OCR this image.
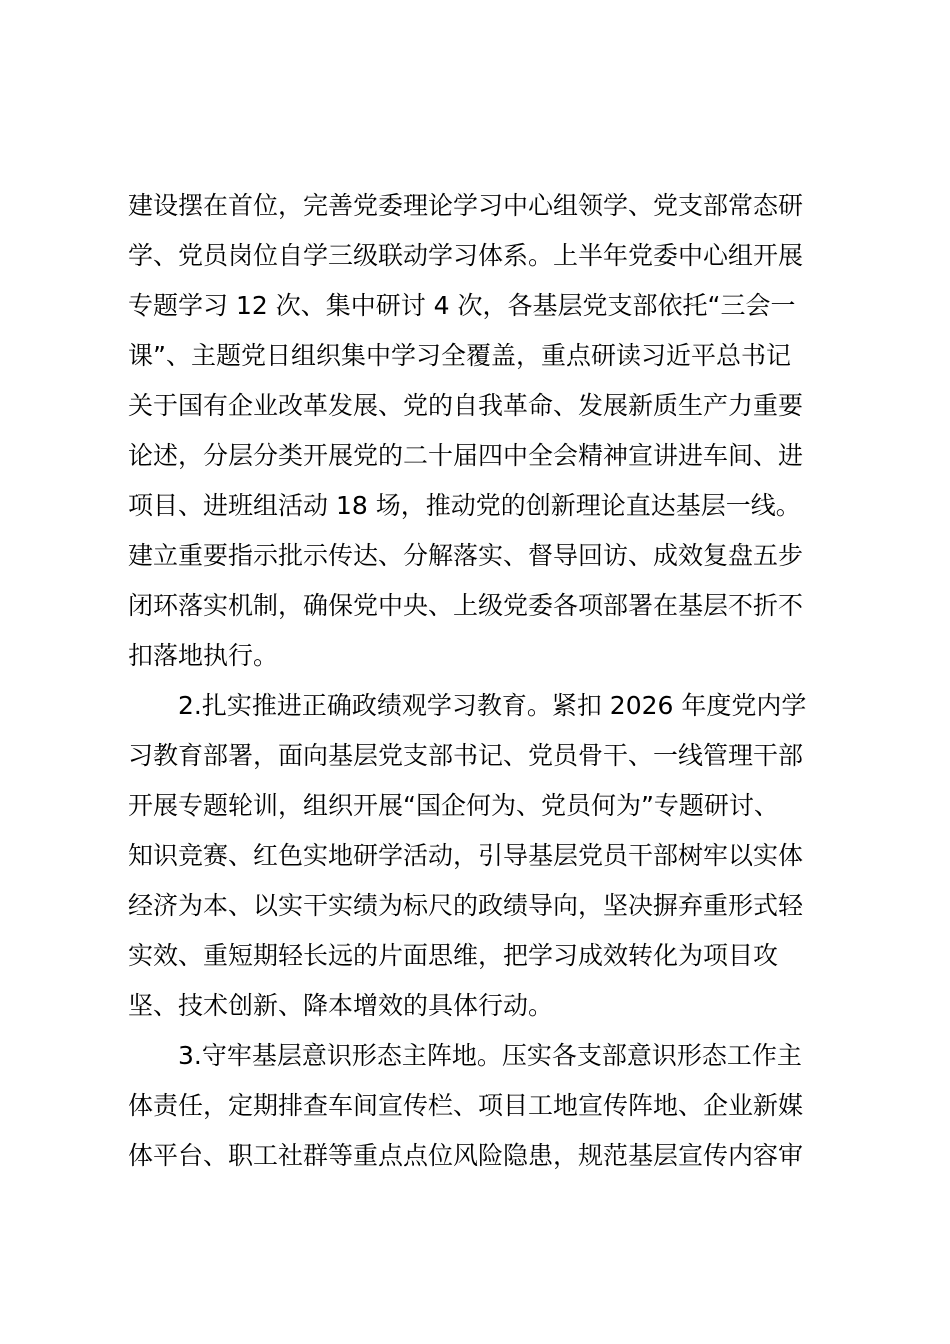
建设摆在首位，完善党委理论学习中心组领学、党支部常态研
学、党员岗位自学三级联动学习体系。上半年党委中心组开展
专题学习 12 次、集中研讨 4 次，各基层党支部依托“三会一
课”、主题党日组织集中学习全覆盖，重点研读习近平总书记
关于国有企业改革发展、党的自我革命、发展新质生产力重要
论述，分层分类开展党的二十届四中全会精神宣讲进车间、进
项目、进班组活动 18 场，推动党的创新理论直达基层一线。
建立重要指示批示传达、分解落实、督导回访、成效复盘五步
闭环落实机制，确保党中央、上级党委各项部署在基层不折不
扣落地执行。
2.扎实推进正确政绩观学习教育。紧扣 2026 年度党内学
习教育部署，面向基层党支部书记、党员骨干、一线管理干部
开展专题轮训，组织开展“国企何为、党员何为”专题研讨、
知识竞赛、红色实地研学活动，引导基层党员干部树牢以实体
经济为本、以实干实绩为标尺的政绩导向，坚决摒弃重形式轻
实效、重短期轻长远的片面思维，把学习成效转化为项目攻
坚、技术创新、降本增效的具体行动。
3.守牢基层意识形态主阵地。压实各支部意识形态工作主
体责任，定期排查车间宣传栏、项目工地宣传阵地、企业新媒
体平台、职工社群等重点点位风险隐患，规范基层宣传内容审
